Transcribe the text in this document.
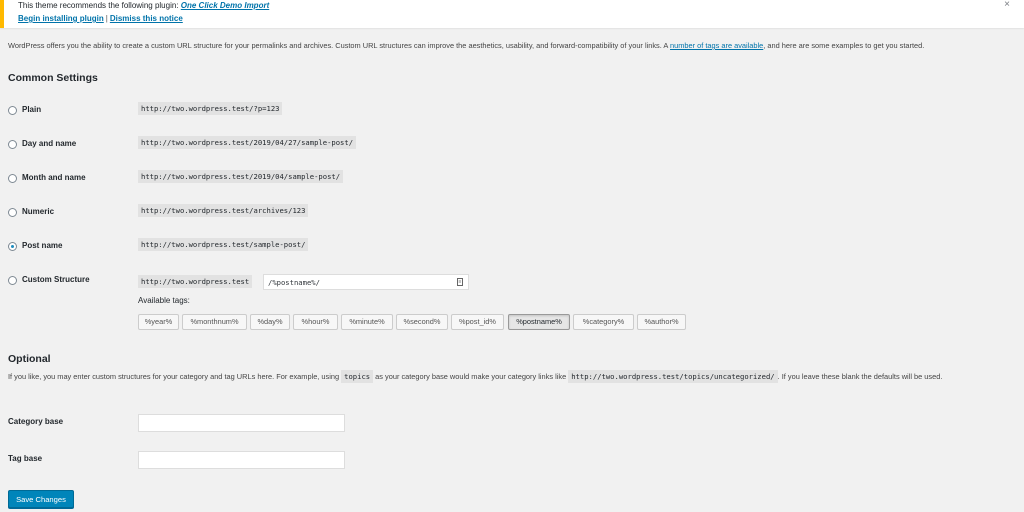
This theme recommends the following plugin: One Click Demo Import
Begin installing plugin | Dismiss this notice
×
WordPress offers you the ability to create a custom URL structure for your permalinks and archives. Custom URL structures can improve the aesthetics, usability, and forward-compatibility of your links. A number of tags are available, and here are some examples to get you started.
Common Settings
Plain	http://two.wordpress.test/?p=123
Day and name	http://two.wordpress.test/2019/04/27/sample-post/
Month and name	http://two.wordpress.test/2019/04/sample-post/
Numeric	http://two.wordpress.test/archives/123
Post name	http://two.wordpress.test/sample-post/
Custom Structure	http://two.wordpress.test	/%postname%/	≡
Available tags:
%year%	%monthnum%	%day%	%hour%	%minute%	%second%	%post_id%	%postname%	%category%	%author%
Optional
If you like, you may enter custom structures for your category and tag URLs here. For example, using topics as your category base would make your category links like http://two.wordpress.test/topics/uncategorized/ . If you leave these blank the defaults will be used.
Category base
Tag base
Save Changes
